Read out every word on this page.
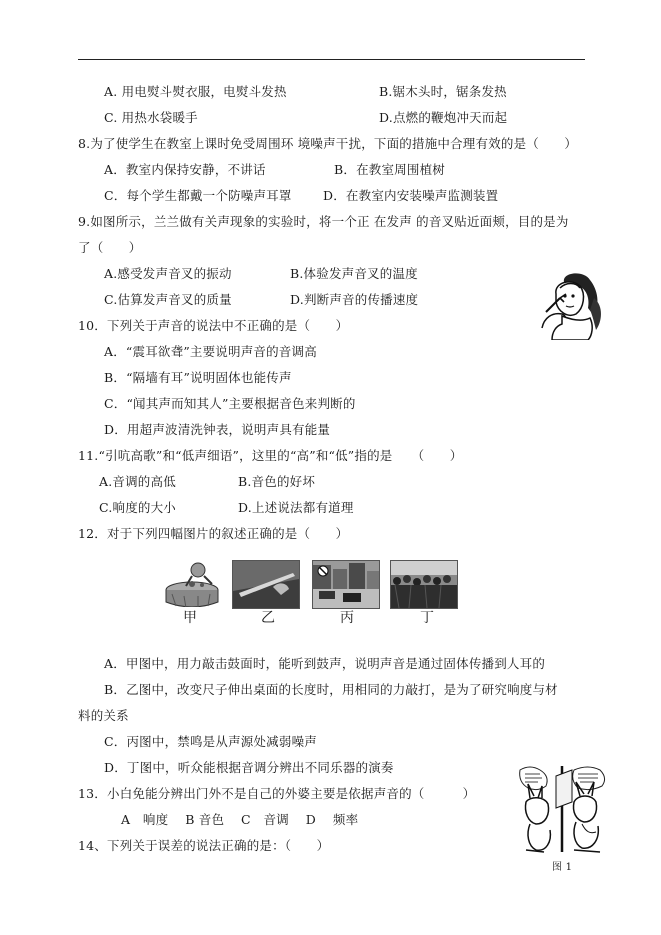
A. 用电熨斗熨衣服，电熨斗发热	B.锯木头时，锯条发热
C. 用热水袋暖手	D.点燃的鞭炮冲天而起
8.为了使学生在教室上课时免受周围环 境噪声干扰，下面的措施中合理有效的是（　　）
A．教室内保持安静，不讲话	B．在教室周围植树
C．每个学生都戴一个防噪声耳罩	D．在教室内安装噪声监测装置
9.如图所示，兰兰做有关声现象的实验时，将一个正 在发声 的音叉贴近面颊，目的是为
了（　　）
A.感受发声音叉的振动	B.体验发声音叉的温度
C.估算发声音叉的质量	D.判断声音的传播速度
10．下列关于声音的说法中不正确的是（　　）
A．“震耳欲聋”主要说明声音的音调高
B．“隔墙有耳”说明固体也能传声
C．“闻其声而知其人”主要根据音色来判断的
D．用超声波清洗钟表，说明声具有能量
11.“引吭高歌”和“低声细语”，这里的“高”和“低”指的是　　（　　）
A.音调的高低	B.音色的好坏
C.响度的大小	D.上述说法都有道理
12．对于下列四幅图片的叙述正确的是（　　）
甲	乙	丙	丁
A．甲图中，用力敲击鼓面时，能听到鼓声，说明声音是通过固体传播到人耳的
B．乙图中，改变尺子伸出桌面的长度时，用相同的力敲打，是为了研究响度与材
料的关系
C．丙图中，禁鸣是从声源处减弱噪声
D．丁图中，听众能根据音调分辨出不同乐器的演奏
13．小白免能分辨出门外不是自己的外婆主要是依据声音的（　　　）
A　响度　 B 音色　 C　音调　 D　 频率
图 1
14、下列关于误差的说法正确的是：（　　）
